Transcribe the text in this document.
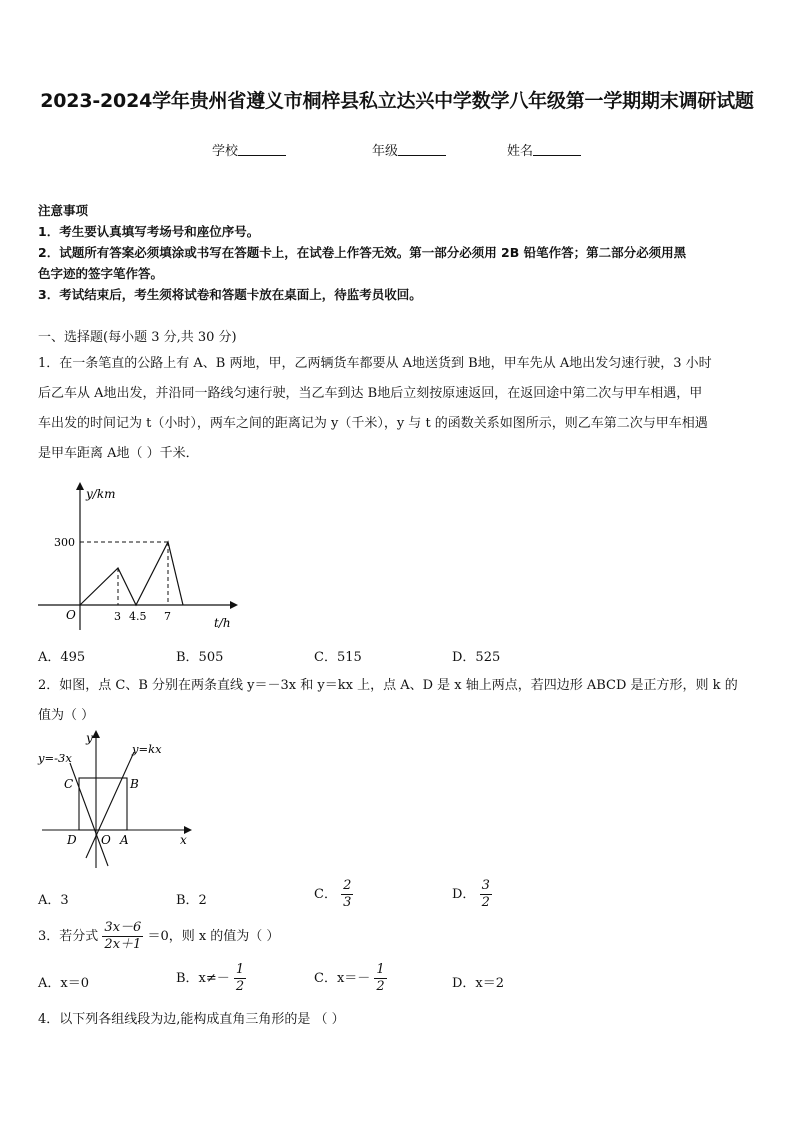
2023-2024学年贵州省遵义市桐梓县私立达兴中学数学八年级第一学期期末调研试题
学校	年级	姓名
注意事项
1．考生要认真填写考场号和座位序号。
2．试题所有答案必须填涂或书写在答题卡上，在试卷上作答无效。第一部分必须用 2B 铅笔作答；第二部分必须用黑
色字迹的签字笔作答。
3．考试结束后，考生须将试卷和答题卡放在桌面上，待监考员收回。
一、选择题(每小题 3 分,共 30 分)
1．在一条笔直的公路上有 A、B 两地，甲，乙两辆货车都要从 A地送货到 B地，甲车先从 A地出发匀速行驶，3 小时
后乙车从 A地出发，并沿同一路线匀速行驶，当乙车到达 B地后立刻按原速返回，在返回途中第二次与甲车相遇，甲
车出发的时间记为 t（小时），两车之间的距离记为 y（千米），y 与 t 的函数关系如图所示，则乙车第二次与甲车相遇
是甲车距离 A地（ ）千米．
y/km
t/h
O
300
3 4.5 7
A．495	B．505	C．515	D．525
2．如图，点 C、B 分别在两条直线 y＝－3x 和 y＝kx 上，点 A、D 是 x 轴上两点，若四边形 ABCD 是正方形，则 k 的
值为（ ）
y=-3x
y=kx
C	B
D O A	x
y
A．3	B．2	C． $\frac{2}{3}$	D． $\frac{3}{2}$
3．若分式 $\frac{3x-6}{2x+1} =0$，则 x 的值为（ ）
A．x＝0	B．$x\ne- \frac{1}{2}$	C．$x=- \frac{1}{2}$	D．x＝2
4．以下列各组线段为边,能构成直角三角形的是 （ ）
